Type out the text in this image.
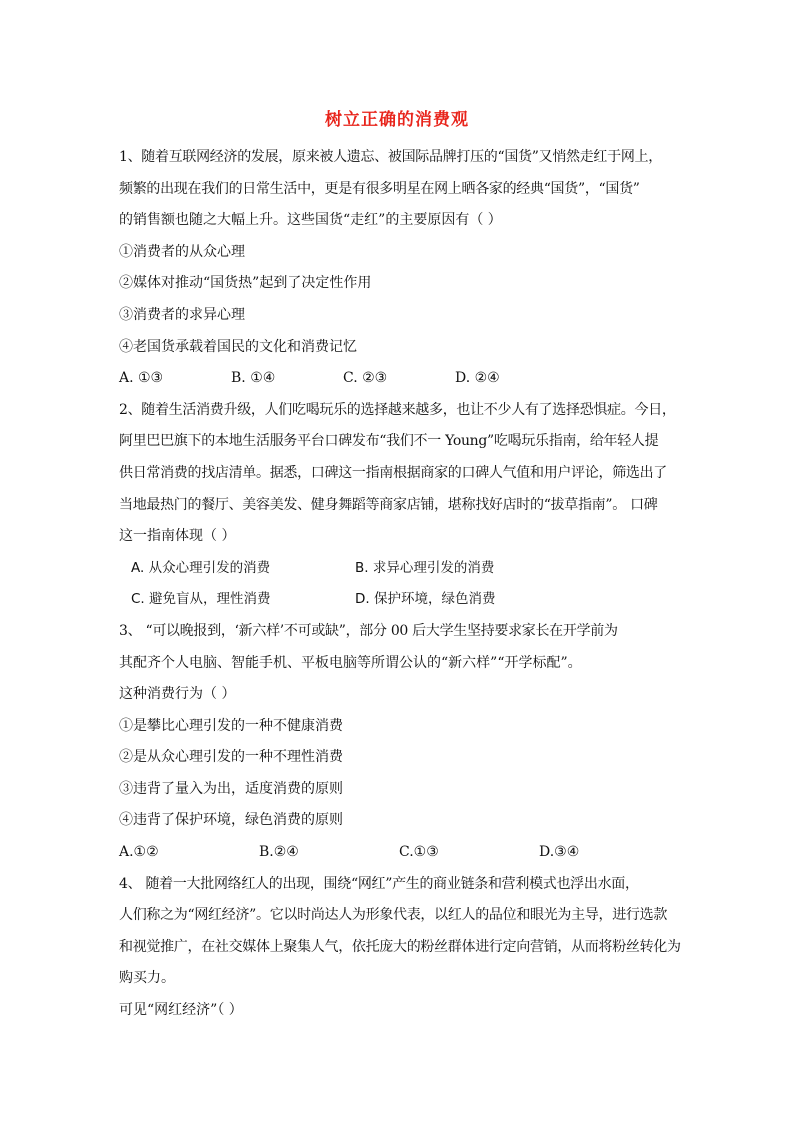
树立正确的消费观
1、随着互联网经济的发展，原来被人遗忘、被国际品牌打压的“国货”又悄然走红于网上，
频繁的出现在我们的日常生活中，更是有很多明星在网上晒各家的经典“国货”，“国货”
的销售额也随之大幅上升。这些国货“走红”的主要原因有（ ）
①消费者的从众心理
②媒体对推动“国货热”起到了决定性作用
③消费者的求异心理
④老国货承载着国民的文化和消费记忆
A. ①③	B. ①④	C. ②③	D. ②④
2、随着生活消费升级，人们吃喝玩乐的选择越来越多，也让不少人有了选择恐惧症。今日，
阿里巴巴旗下的本地生活服务平台口碑发布“我们不一 Young”吃喝玩乐指南，给年轻人提
供日常消费的找店清单。据悉，口碑这一指南根据商家的口碑人气值和用户评论，筛选出了
当地最热门的餐厅、美容美发、健身舞蹈等商家店铺，堪称找好店时的“拔草指南”。 口碑
这一指南体现（ ）
A. 从众心理引发的消费	B. 求异心理引发的消费
C. 避免盲从，理性消费	D. 保护环境，绿色消费
3、 “可以晚报到，‘新六样’不可或缺”，部分 00 后大学生坚持要求家长在开学前为
其配齐个人电脑、智能手机、平板电脑等所谓公认的“新六样”“开学标配”。
这种消费行为（ ）
①是攀比心理引发的一种不健康消费
②是从众心理引发的一种不理性消费
③违背了量入为出，适度消费的原则
④违背了保护环境，绿色消费的原则
A.①②	B.②④	C.①③	D.③④
4、 随着一大批网络红人的出现，围绕“网红”产生的商业链条和营利模式也浮出水面，
人们称之为“网红经济”。它以时尚达人为形象代表，以红人的品位和眼光为主导，进行选款
和视觉推广，在社交媒体上聚集人气，依托庞大的粉丝群体进行定向营销，从而将粉丝转化为
购买力。
可见“网红经济”（ ）
